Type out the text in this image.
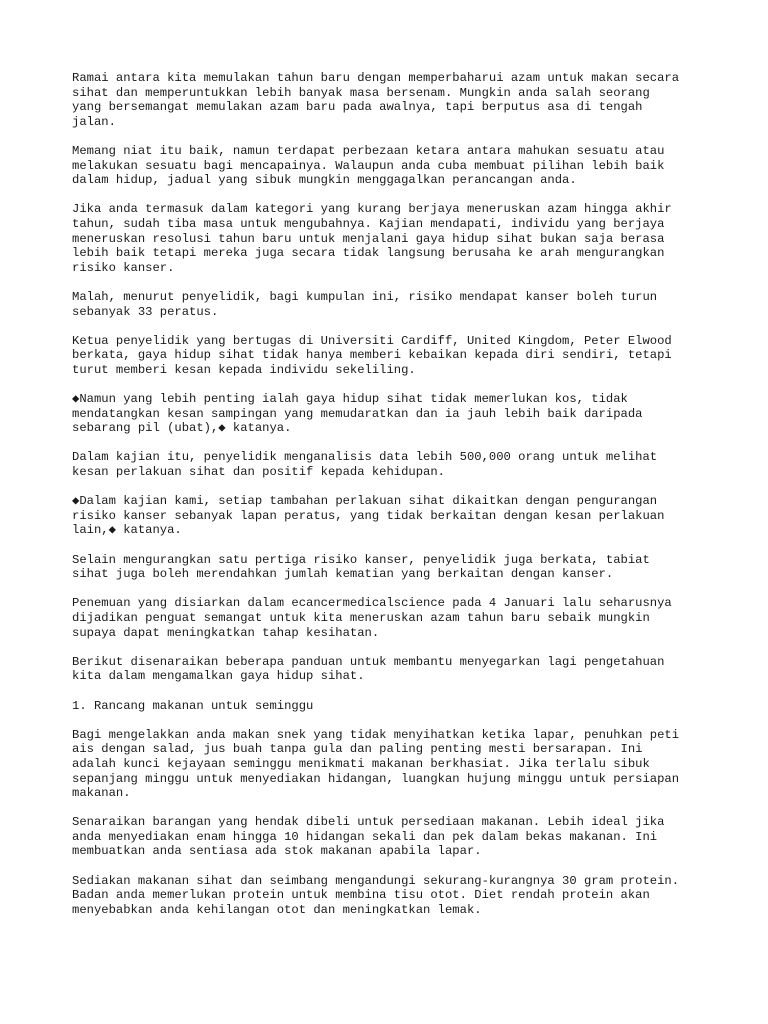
Ramai antara kita memulakan tahun baru dengan memperbaharui azam untuk makan secara
sihat dan memperuntukkan lebih banyak masa bersenam. Mungkin anda salah seorang
yang bersemangat memulakan azam baru pada awalnya, tapi berputus asa di tengah
jalan.

Memang niat itu baik, namun terdapat perbezaan ketara antara mahukan sesuatu atau
melakukan sesuatu bagi mencapainya. Walaupun anda cuba membuat pilihan lebih baik
dalam hidup, jadual yang sibuk mungkin menggagalkan perancangan anda.

Jika anda termasuk dalam kategori yang kurang berjaya meneruskan azam hingga akhir
tahun, sudah tiba masa untuk mengubahnya. Kajian mendapati, individu yang berjaya
meneruskan resolusi tahun baru untuk menjalani gaya hidup sihat bukan saja berasa
lebih baik tetapi mereka juga secara tidak langsung berusaha ke arah mengurangkan
risiko kanser.

Malah, menurut penyelidik, bagi kumpulan ini, risiko mendapat kanser boleh turun
sebanyak 33 peratus.

Ketua penyelidik yang bertugas di Universiti Cardiff, United Kingdom, Peter Elwood
berkata, gaya hidup sihat tidak hanya memberi kebaikan kepada diri sendiri, tetapi
turut memberi kesan kepada individu sekeliling.

◆Namun yang lebih penting ialah gaya hidup sihat tidak memerlukan kos, tidak
mendatangkan kesan sampingan yang memudaratkan dan ia jauh lebih baik daripada
sebarang pil (ubat),◆ katanya.

Dalam kajian itu, penyelidik menganalisis data lebih 500,000 orang untuk melihat
kesan perlakuan sihat dan positif kepada kehidupan.

◆Dalam kajian kami, setiap tambahan perlakuan sihat dikaitkan dengan pengurangan
risiko kanser sebanyak lapan peratus, yang tidak berkaitan dengan kesan perlakuan
lain,◆ katanya.

Selain mengurangkan satu pertiga risiko kanser, penyelidik juga berkata, tabiat
sihat juga boleh merendahkan jumlah kematian yang berkaitan dengan kanser.

Penemuan yang disiarkan dalam ecancermedicalscience pada 4 Januari lalu seharusnya
dijadikan penguat semangat untuk kita meneruskan azam tahun baru sebaik mungkin
supaya dapat meningkatkan tahap kesihatan.

Berikut disenaraikan beberapa panduan untuk membantu menyegarkan lagi pengetahuan
kita dalam mengamalkan gaya hidup sihat.

1. Rancang makanan untuk seminggu

Bagi mengelakkan anda makan snek yang tidak menyihatkan ketika lapar, penuhkan peti
ais dengan salad, jus buah tanpa gula dan paling penting mesti bersarapan. Ini
adalah kunci kejayaan seminggu menikmati makanan berkhasiat. Jika terlalu sibuk
sepanjang minggu untuk menyediakan hidangan, luangkan hujung minggu untuk persiapan
makanan.

Senaraikan barangan yang hendak dibeli untuk persediaan makanan. Lebih ideal jika
anda menyediakan enam hingga 10 hidangan sekali dan pek dalam bekas makanan. Ini
membuatkan anda sentiasa ada stok makanan apabila lapar.

Sediakan makanan sihat dan seimbang mengandungi sekurang-kurangnya 30 gram protein.
Badan anda memerlukan protein untuk membina tisu otot. Diet rendah protein akan
menyebabkan anda kehilangan otot dan meningkatkan lemak.
